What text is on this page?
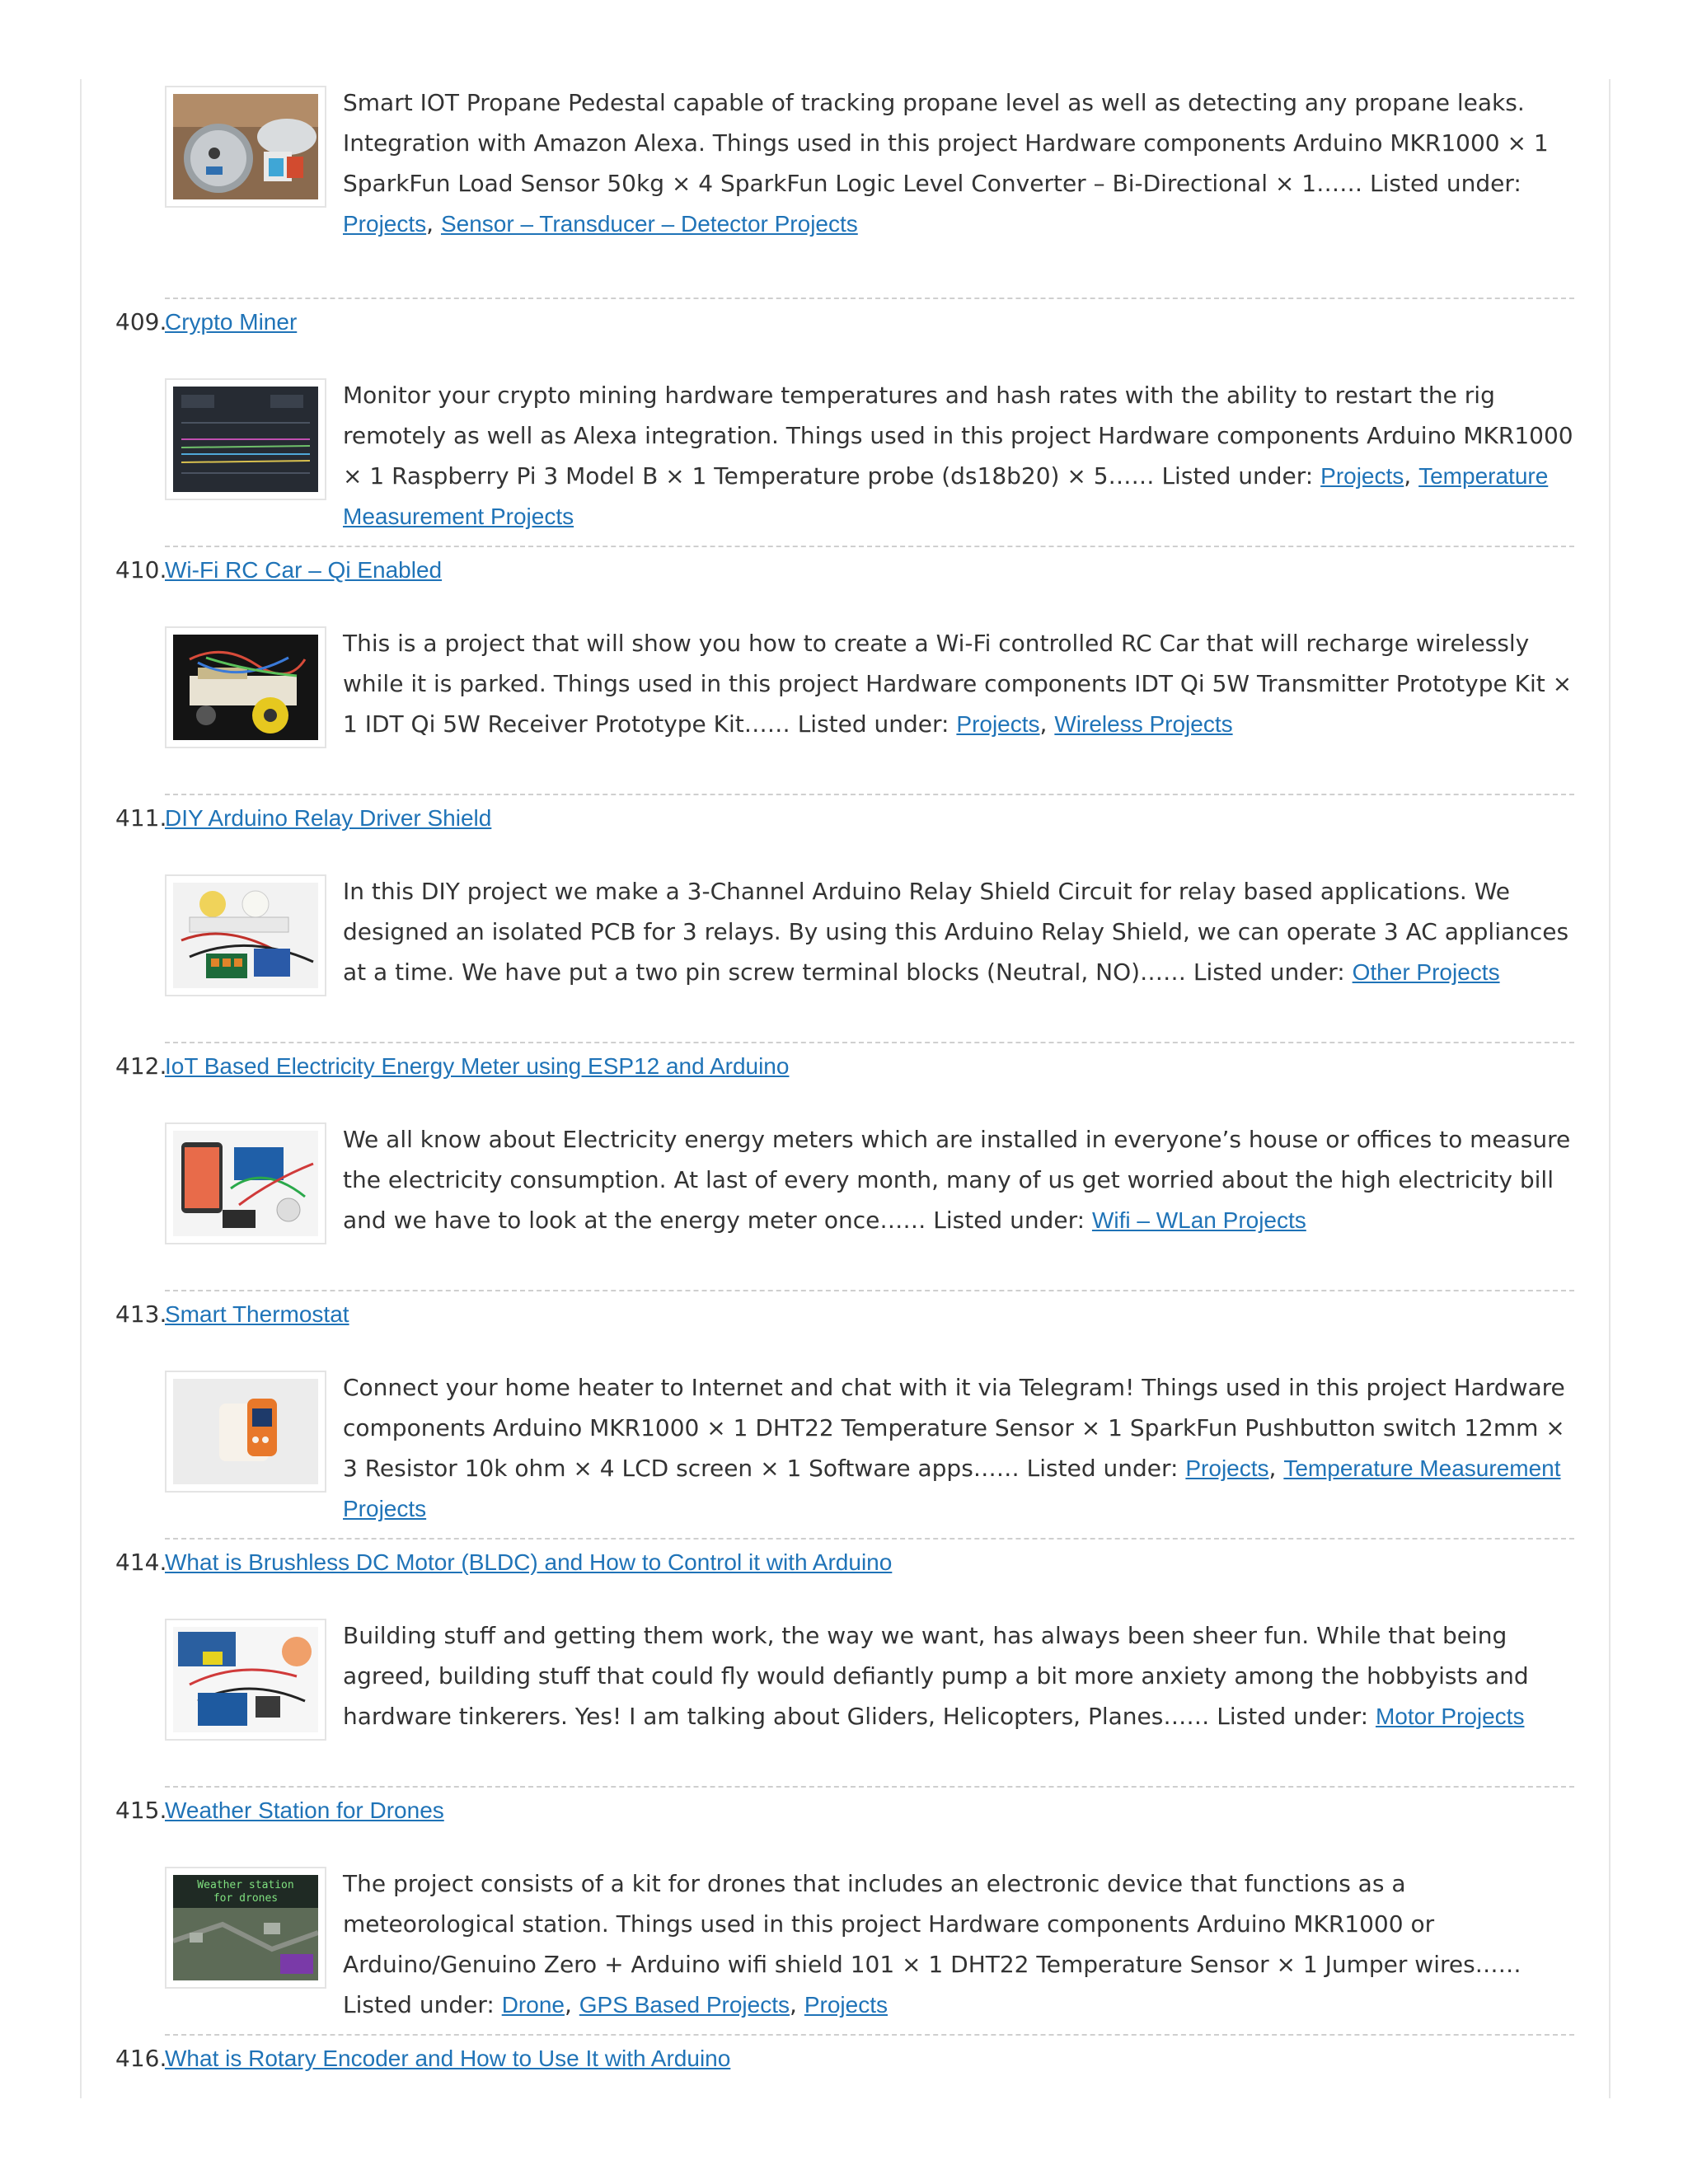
Smart IOT Propane Pedestal capable of tracking propane level as well as detecting any propane leaks. Integration with Amazon Alexa. Things used in this project Hardware components Arduino MKR1000 × 1 SparkFun Load Sensor 50kg × 4 SparkFun Logic Level Converter – Bi-Directional × 1…… Listed under: Projects, Sensor – Transducer – Detector Projects
409.
Crypto Miner
Monitor your crypto mining hardware temperatures and hash rates with the ability to restart the rig remotely as well as Alexa integration. Things used in this project Hardware components Arduino MKR1000 × 1 Raspberry Pi 3 Model B × 1 Temperature probe (ds18b20) × 5…… Listed under: Projects, Temperature Measurement Projects
410.
Wi-Fi RC Car – Qi Enabled
This is a project that will show you how to create a Wi-Fi controlled RC Car that will recharge wirelessly while it is parked. Things used in this project Hardware components IDT Qi 5W Transmitter Prototype Kit × 1 IDT Qi 5W Receiver Prototype Kit…… Listed under: Projects, Wireless Projects
411.
DIY Arduino Relay Driver Shield
In this DIY project we make a 3-Channel Arduino Relay Shield Circuit for relay based applications. We designed an isolated PCB for 3 relays. By using this Arduino Relay Shield, we can operate 3 AC appliances at a time. We have put a two pin screw terminal blocks (Neutral, NO)…… Listed under: Other Projects
412.
IoT Based Electricity Energy Meter using ESP12 and Arduino
We all know about Electricity energy meters which are installed in everyone’s house or offices to measure the electricity consumption. At last of every month, many of us get worried about the high electricity bill and we have to look at the energy meter once…… Listed under: Wifi – WLan Projects
413.
Smart Thermostat
Connect your home heater to Internet and chat with it via Telegram! Things used in this project Hardware components Arduino MKR1000 × 1 DHT22 Temperature Sensor × 1 SparkFun Pushbutton switch 12mm × 3 Resistor 10k ohm × 4 LCD screen × 1 Software apps…… Listed under: Projects, Temperature Measurement Projects
414.
What is Brushless DC Motor (BLDC) and How to Control it with Arduino
Building stuff and getting them work, the way we want, has always been sheer fun. While that being agreed, building stuff that could fly would defiantly pump a bit more anxiety among the hobbyists and hardware tinkerers. Yes! I am talking about Gliders, Helicopters, Planes…… Listed under: Motor Projects
415.
Weather Station for Drones
Weather station
for drones
The project consists of a kit for drones that includes an electronic device that functions as a meteorological station. Things used in this project Hardware components Arduino MKR1000 or Arduino/Genuino Zero + Arduino wifi shield 101 × 1 DHT22 Temperature Sensor × 1 Jumper wires…… Listed under: Drone, GPS Based Projects, Projects
416.
What is Rotary Encoder and How to Use It with Arduino
